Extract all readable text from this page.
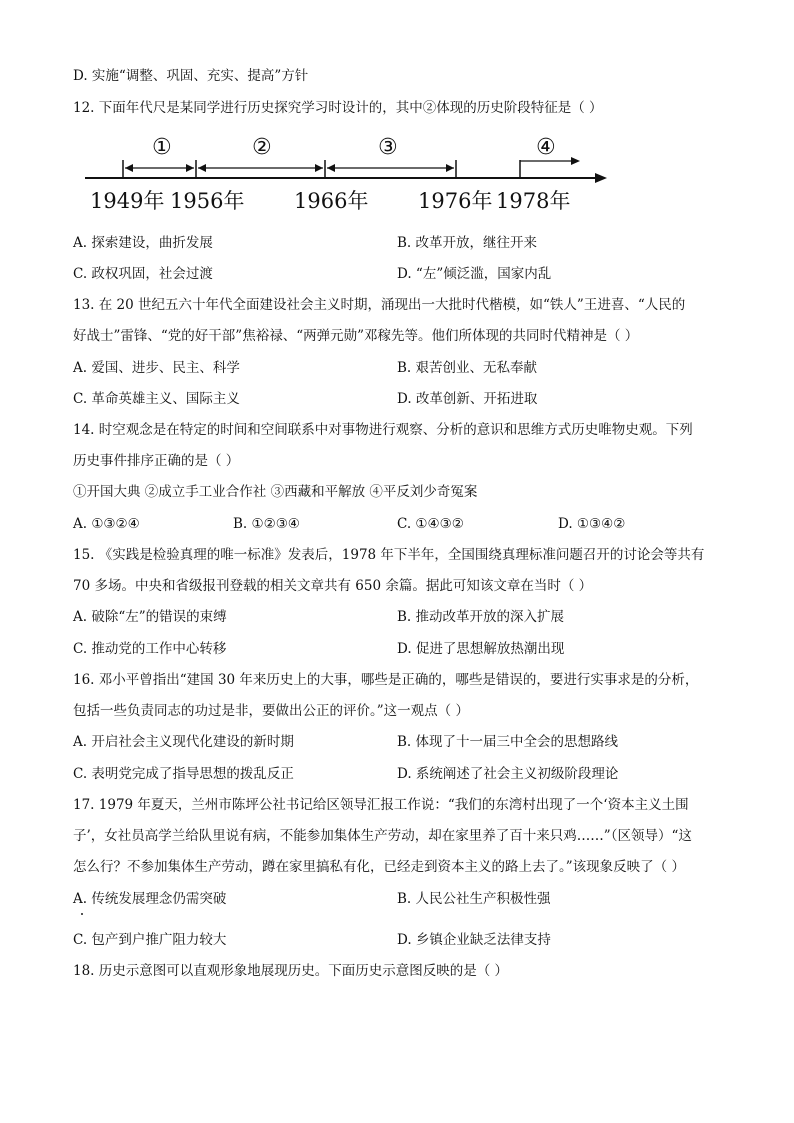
D. 实施“调整、巩固、充实、提高”方针
12. 下面年代尺是某同学进行历史探究学习时设计的，其中②体现的历史阶段特征是（ ）
①	②	③	④
1949年 1956年 1966年 1976年 1978年
A. 探索建设，曲折发展	B. 改革开放，继往开来
C. 政权巩固，社会过渡	D. “左”倾泛滥，国家内乱
13. 在 20 世纪五六十年代全面建设社会主义时期，涌现出一大批时代楷模，如“铁人”王进喜、“人民的
好战士”雷锋、“党的好干部”焦裕禄、“两弹元勋”邓稼先等。他们所体现的共同时代精神是（ ）
A. 爱国、进步、民主、科学	B. 艰苦创业、无私奉献
C. 革命英雄主义、国际主义	D. 改革创新、开拓进取
14. 时空观念是在特定的时间和空间联系中对事物进行观察、分析的意识和思维方式历史唯物史观。下列
历史事件排序正确的是（ ）
①开国大典 ②成立手工业合作社 ③西藏和平解放 ④平反刘少奇冤案
A. ①③②④	B. ①②③④	C. ①④③②	D. ①③④②
15. 《实践是检验真理的唯一标准》发表后，1978 年下半年，全国围绕真理标准问题召开的讨论会等共有
70 多场。中央和省级报刊登载的相关文章共有 650 余篇。据此可知该文章在当时（ ）
A. 破除“左”的错误的束缚	B. 推动改革开放的深入扩展
C. 推动党的工作中心转移	D. 促进了思想解放热潮出现
16. 邓小平曾指出“建国 30 年来历史上的大事，哪些是正确的，哪些是错误的，要进行实事求是的分析，
包括一些负责同志的功过是非，要做出公正的评价。”这一观点（ ）
A. 开启社会主义现代化建设的新时期	B. 体现了十一届三中全会的思想路线
C. 表明党完成了指导思想的拨乱反正	D. 系统阐述了社会主义初级阶段理论
17. 1979 年夏天，兰州市陈坪公社书记给区领导汇报工作说：“我们的东湾村出现了一个‘资本主义土围
子’，女社员高学兰给队里说有病，不能参加集体生产劳动，却在家里养了百十来只鸡……”（区领导）“这
怎么行？不参加集体生产劳动，蹲在家里搞私有化，已经走到资本主义的路上去了。”该现象反映了（ ）
A. 传统发展理念仍需突破	B. 人民公社生产积极性强
C. 包产到户推广阻力较大	D. 乡镇企业缺乏法律支持
18. 历史示意图可以直观形象地展现历史。下面历史示意图反映的是（ ）
